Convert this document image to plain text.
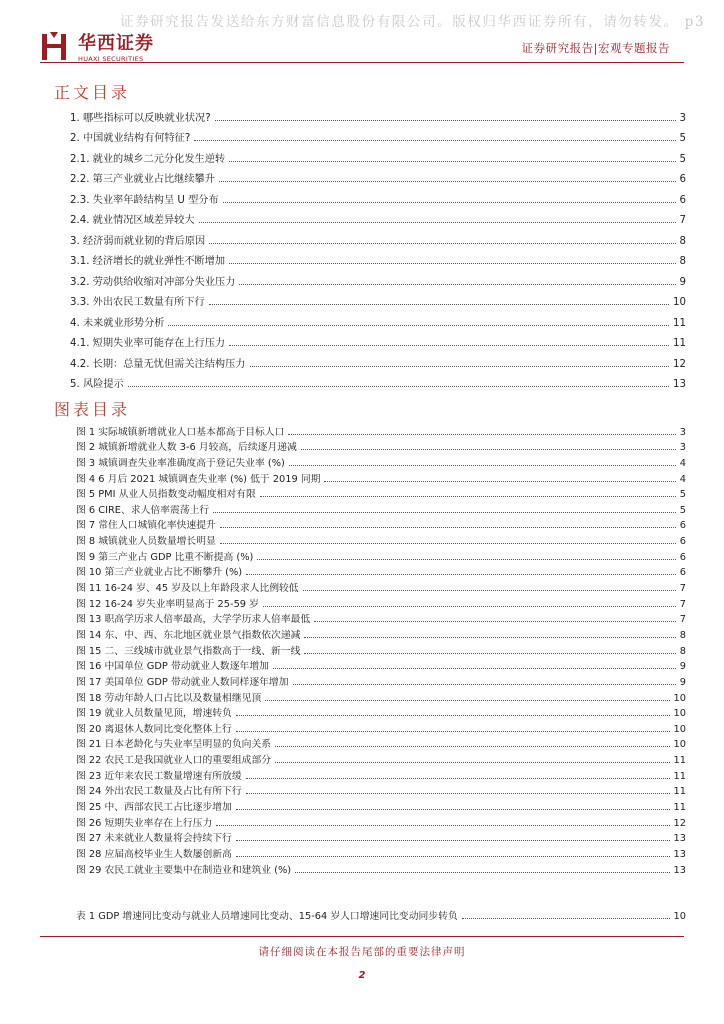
证券研究报告发送给东方财富信息股份有限公司。版权归华西证券所有，请勿转发。 p3
华西证券
HUAXI SECURITIES
证券研究报告|宏观专题报告
正文目录
1. 哪些指标可以反映就业状况?	3
2. 中国就业结构有何特征?	5
2.1. 就业的城乡二元分化发生逆转	5
2.2. 第三产业就业占比继续攀升	6
2.3. 失业率年龄结构呈 U 型分布	6
2.4. 就业情况区域差异较大	7
3. 经济弱而就业韧的背后原因	8
3.1. 经济增长的就业弹性不断增加	8
3.2. 劳动供给收缩对冲部分失业压力	9
3.3. 外出农民工数量有所下行	10
4. 未来就业形势分析	11
4.1. 短期失业率可能存在上行压力	11
4.2. 长期：总量无忧但需关注结构压力	12
5. 风险提示	13
图表目录
图 1 实际城镇新增就业人口基本都高于目标人口	3
图 2 城镇新增就业人数 3-6 月较高，后续逐月递减	3
图 3 城镇调查失业率准确度高于登记失业率 (%)	4
图 4 6 月后 2021 城镇调查失业率 (%) 低于 2019 同期	4
图 5 PMI 从业人员指数变动幅度相对有限	5
图 6 CIRE、求人倍率震荡上行	5
图 7 常住人口城镇化率快速提升	6
图 8 城镇就业人员数量增长明显	6
图 9 第三产业占 GDP 比重不断提高 (%)	6
图 10 第三产业就业占比不断攀升 (%)	6
图 11 16-24 岁、45 岁及以上年龄段求人比例较低	7
图 12 16-24 岁失业率明显高于 25-59 岁	7
图 13 职高学历求人倍率最高，大学学历求人倍率最低	7
图 14 东、中、西、东北地区就业景气指数依次递减	8
图 15 二、三线城市就业景气指数高于一线、新一线	8
图 16 中国单位 GDP 带动就业人数逐年增加	9
图 17 美国单位 GDP 带动就业人数同样逐年增加	9
图 18 劳动年龄人口占比以及数量相继见顶	10
图 19 就业人员数量见顶，增速转负	10
图 20 离退休人数同比变化整体上行	10
图 21 日本老龄化与失业率呈明显的负向关系	10
图 22 农民工是我国就业人口的重要组成部分	11
图 23 近年来农民工数量增速有所放缓	11
图 24 外出农民工数量及占比有所下行	11
图 25 中、西部农民工占比逐步增加	11
图 26 短期失业率存在上行压力	12
图 27 未来就业人数量将会持续下行	13
图 28 应届高校毕业生人数屡创新高	13
图 29 农民工就业主要集中在制造业和建筑业 (%)	13
表 1 GDP 增速同比变动与就业人员增速同比变动、15-64 岁人口增速同比变动同步转负	10
请仔细阅读在本报告尾部的重要法律声明
2
